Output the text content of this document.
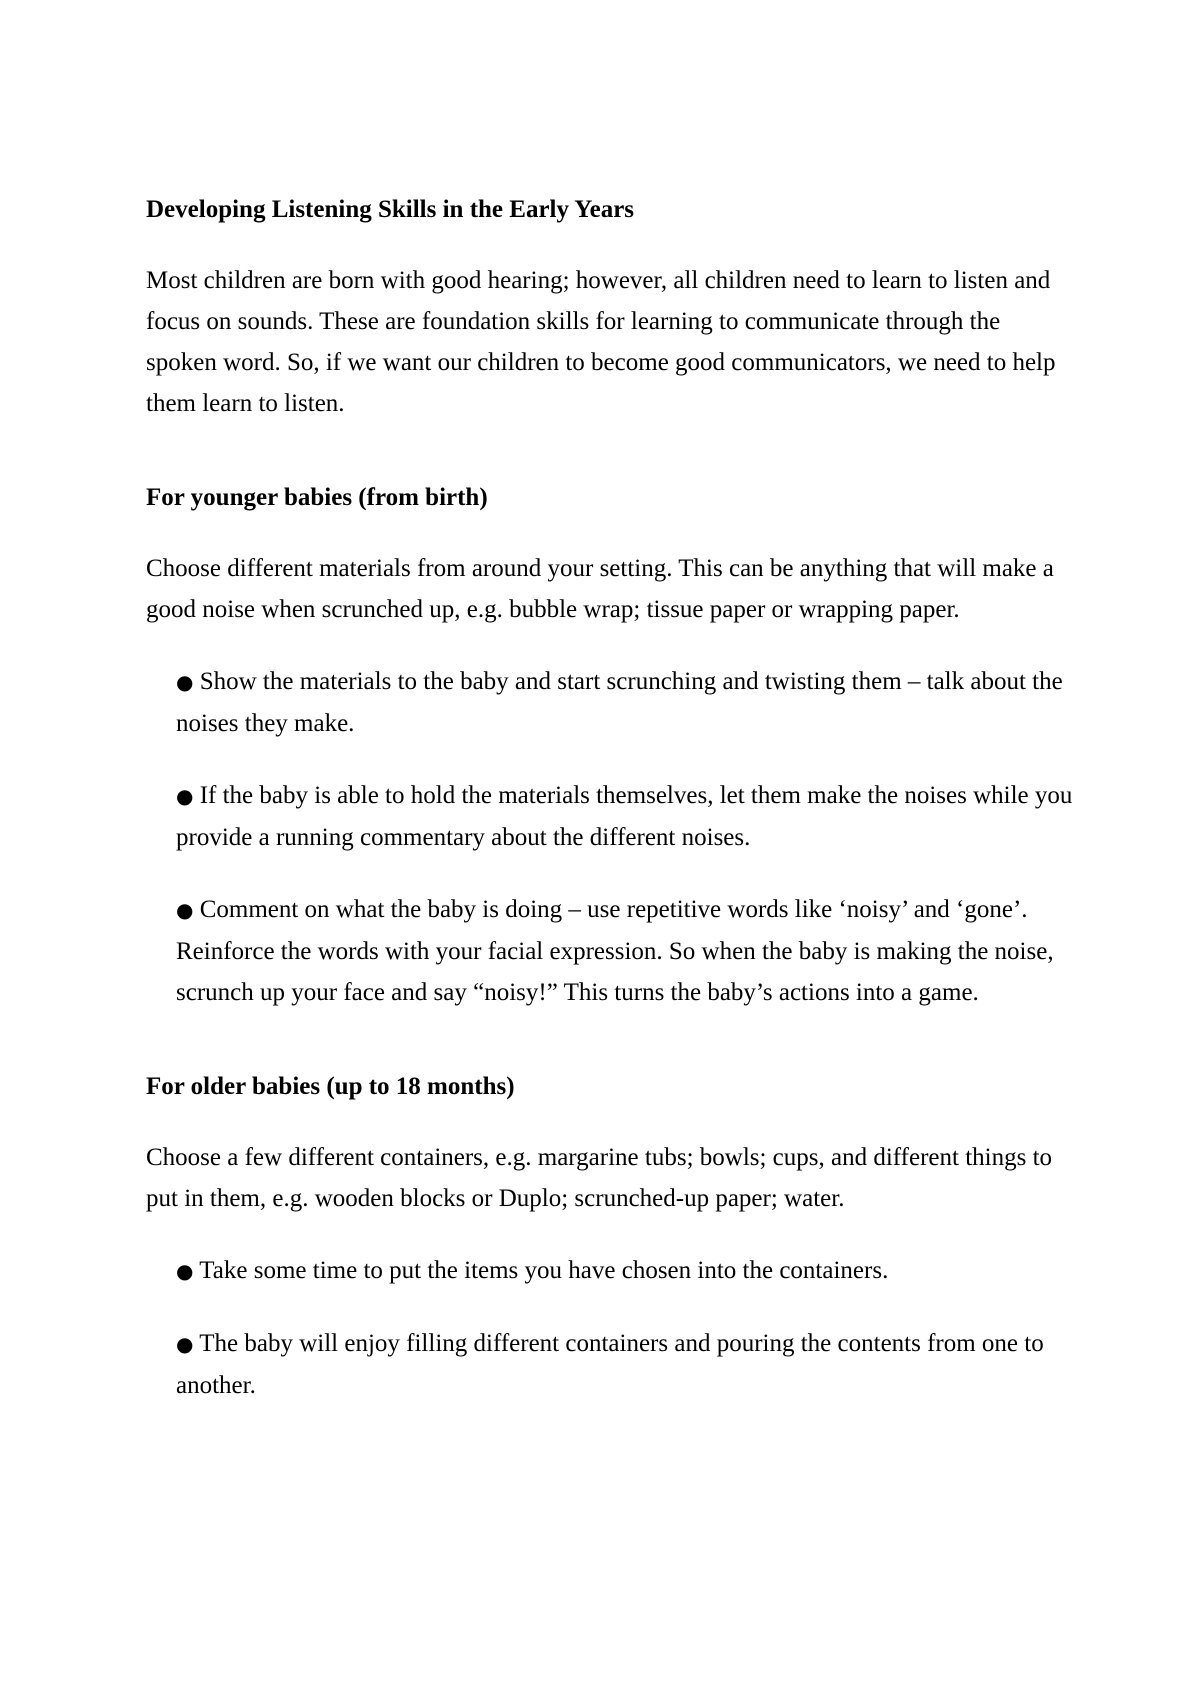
Developing Listening Skills in the Early Years

Most children are born with good hearing; however, all children need to learn to listen and focus on sounds. These are foundation skills for learning to communicate through the spoken word. So, if we want our children to become good communicators, we need to help them learn to listen.

For younger babies (from birth)

Choose different materials from around your setting. This can be anything that will make a good noise when scrunched up, e.g. bubble wrap; tissue paper or wrapping paper.

● Show the materials to the baby and start scrunching and twisting them – talk about the noises they make.
● If the baby is able to hold the materials themselves, let them make the noises while you provide a running commentary about the different noises.
● Comment on what the baby is doing – use repetitive words like ‘noisy’ and ‘gone’. Reinforce the words with your facial expression. So when the baby is making the noise, scrunch up your face and say “noisy!” This turns the baby’s actions into a game.
For older babies (up to 18 months)

Choose a few different containers, e.g. margarine tubs; bowls; cups, and different things to put in them, e.g. wooden blocks or Duplo; scrunched-up paper; water.

● Take some time to put the items you have chosen into the containers.
● The baby will enjoy filling different containers and pouring the contents from one to another.
